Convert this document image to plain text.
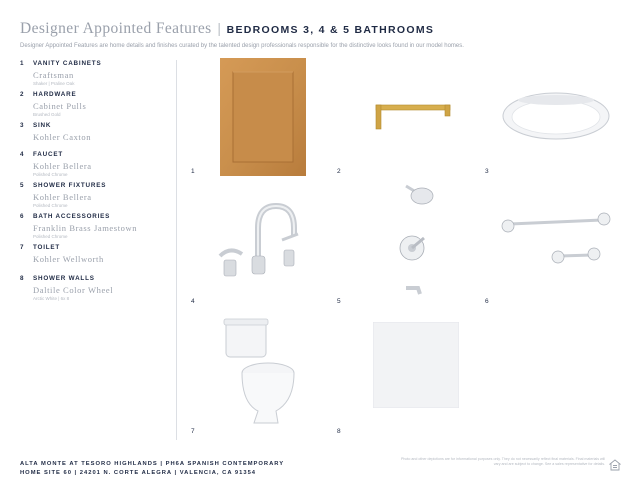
Designer Appointed Features | BEDROOMS 3, 4 & 5 BATHROOMS
Designer Appointed Features are home details and finishes curated by the talented design professionals responsible for the distinctive looks found in our model homes.
1	VANITY CABINETS
Craftsman
Shaker | Praline Oak
2	HARDWARE
Cabinet Pulls
Brushed Gold
3	SINK
Kohler Caxton
4	FAUCET
Kohler Bellera
Polished Chrome
5	SHOWER FIXTURES
Kohler Bellera
Polished Chrome
6	BATH ACCESSORIES
Franklin Brass Jamestown
Polished Chrome
7	TOILET
Kohler Wellworth
8	SHOWER WALLS
Daltile Color Wheel
Arctic White | 6x 8
1	2	3
4	5	6
7	8
ALTA MONTE AT TESORO HIGHLANDS | PH6A SPANISH CONTEMPORARY
HOME SITE 60 | 24201 N. CORTE ALEGRA | VALENCIA, CA 91354
Photo and other depictions are for informational purposes only. They do not necessarily reflect final materials. Final materials will vary and are subject to change. See a sales representative for details.
